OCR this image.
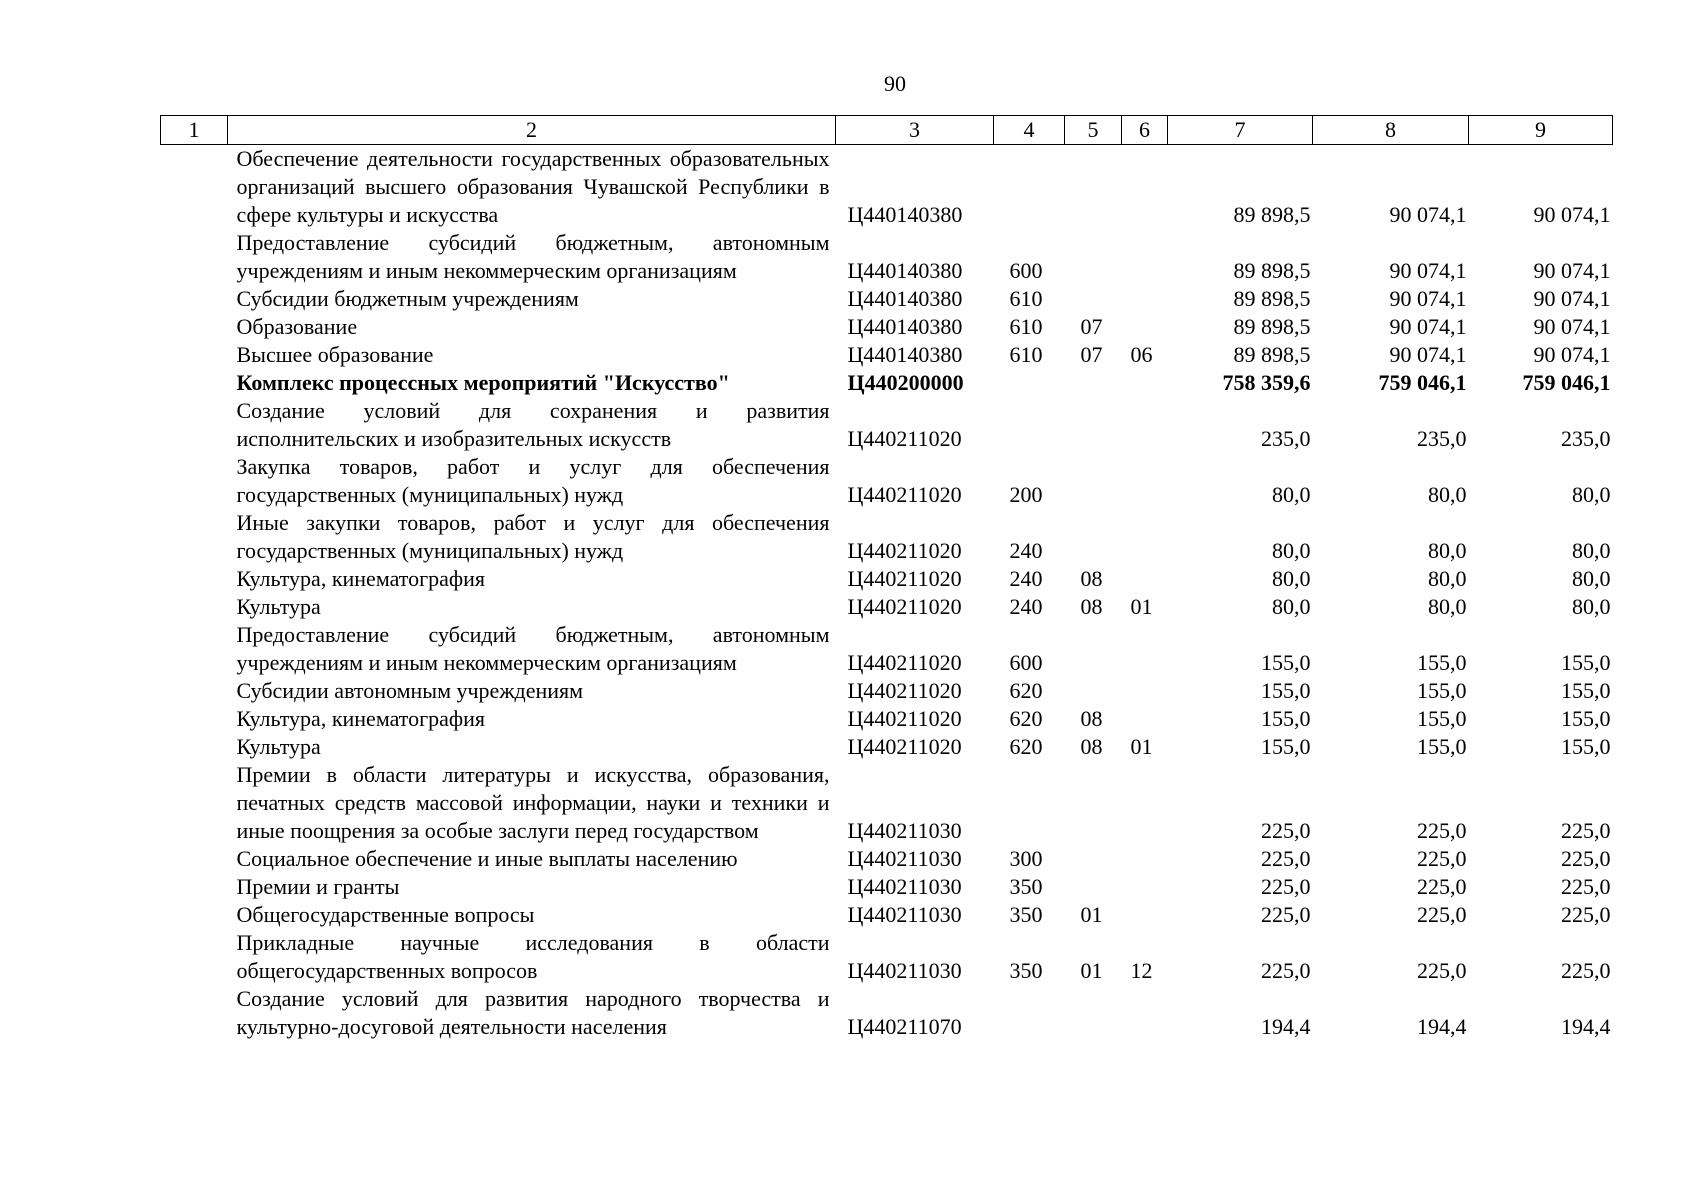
90
1	2	3	4	5	6	7	8	9
	Обеспечение деятельности государственных образовательных организаций высшего образования Чувашской Республики в сфере культуры и искусства	Ц440140380				89 898,5	90 074,1	90 074,1
	Предоставление субсидий бюджетным, автономным учреждениям и иным некоммерческим организациям	Ц440140380	600			89 898,5	90 074,1	90 074,1
	Субсидии бюджетным учреждениям	Ц440140380	610			89 898,5	90 074,1	90 074,1
	Образование	Ц440140380	610	07		89 898,5	90 074,1	90 074,1
	Высшее образование	Ц440140380	610	07	06	89 898,5	90 074,1	90 074,1
	Комплекс процессных мероприятий "Искусство"	Ц440200000				758 359,6	759 046,1	759 046,1
	Создание условий для сохранения и развития исполнительских и изобразительных искусств	Ц440211020				235,0	235,0	235,0
	Закупка товаров, работ и услуг для обеспечения государственных (муниципальных) нужд	Ц440211020	200			80,0	80,0	80,0
	Иные закупки товаров, работ и услуг для обеспечения государственных (муниципальных) нужд	Ц440211020	240			80,0	80,0	80,0
	Культура, кинематография	Ц440211020	240	08		80,0	80,0	80,0
	Культура	Ц440211020	240	08	01	80,0	80,0	80,0
	Предоставление субсидий бюджетным, автономным учреждениям и иным некоммерческим организациям	Ц440211020	600			155,0	155,0	155,0
	Субсидии автономным учреждениям	Ц440211020	620			155,0	155,0	155,0
	Культура, кинематография	Ц440211020	620	08		155,0	155,0	155,0
	Культура	Ц440211020	620	08	01	155,0	155,0	155,0
	Премии в области литературы и искусства, образования, печатных средств массовой информации, науки и техники и иные поощрения за особые заслуги перед государством	Ц440211030				225,0	225,0	225,0
	Социальное обеспечение и иные выплаты населению	Ц440211030	300			225,0	225,0	225,0
	Премии и гранты	Ц440211030	350			225,0	225,0	225,0
	Общегосударственные вопросы	Ц440211030	350	01		225,0	225,0	225,0
	Прикладные научные исследования в области общегосударственных вопросов	Ц440211030	350	01	12	225,0	225,0	225,0
	Создание условий для развития народного творчества и культурно-досуговой деятельности населения	Ц440211070				194,4	194,4	194,4
